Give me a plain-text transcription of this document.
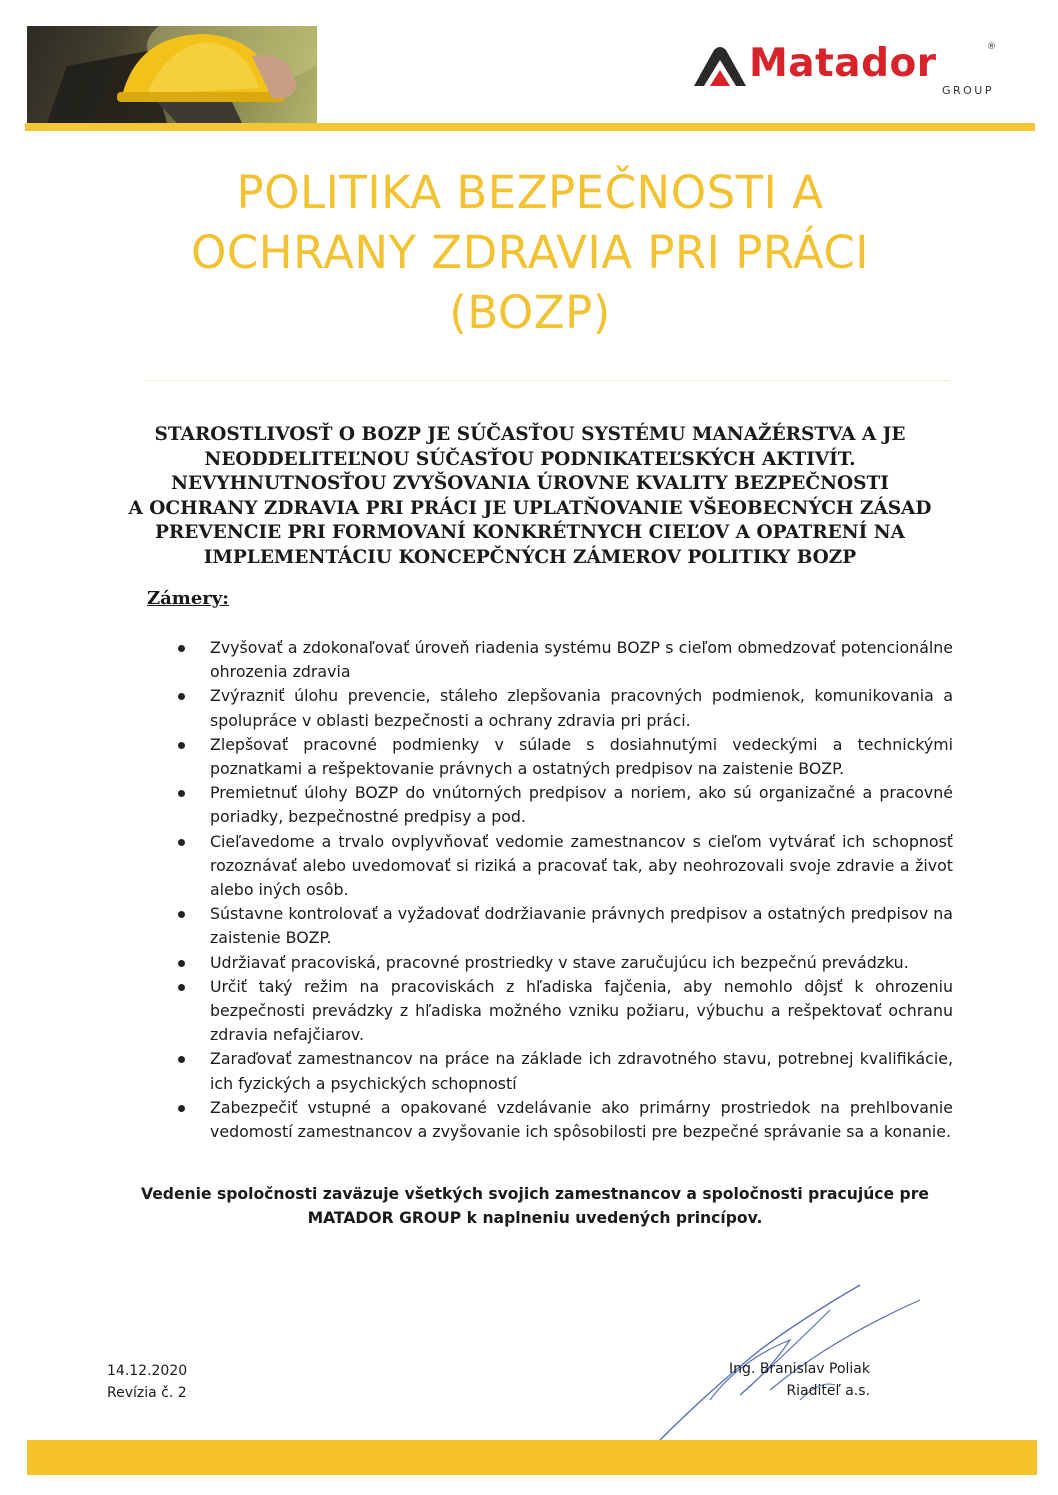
Matador	®
GROUP
POLITIKA BEZPEČNOSTI A
OCHRANY ZDRAVIA PRI PRÁCI
(BOZP)

STAROSTLIVOSŤ O BOZP JE SÚČASŤOU SYSTÉMU MANAŽÉRSTVA A JE
NEODDELITEĽNOU SÚČASŤOU PODNIKATEĽSKÝCH AKTIVÍT.
NEVYHNUTNOSŤOU ZVYŠOVANIA ÚROVNE KVALITY BEZPEČNOSTI
A OCHRANY ZDRAVIA PRI PRÁCI JE UPLATŇOVANIE VŠEOBECNÝCH ZÁSAD
PREVENCIE PRI FORMOVANÍ KONKRÉTNYCH CIEĽOV A OPATRENÍ NA
IMPLEMENTÁCIU KONCEPČNÝCH ZÁMEROV POLITIKY BOZP

Zámery:
Zvyšovať a zdokonaľovať úroveň riadenia systému BOZP s cieľom obmedzovať potencionálne ohrozenia zdravia
Zvýrazniť úlohu prevencie, stáleho zlepšovania pracovných podmienok, komunikovania a spolupráce v oblasti bezpečnosti a ochrany zdravia pri práci.
Zlepšovať pracovné podmienky v súlade s dosiahnutými vedeckými a technickými poznatkami a rešpektovanie právnych a ostatných predpisov na zaistenie BOZP.
Premietnuť úlohy BOZP do vnútorných predpisov a noriem, ako sú organizačné a pracovné poriadky, bezpečnostné predpisy a pod.
Cieľavedome a trvalo ovplyvňovať vedomie zamestnancov s cieľom vytvárať ich schopnosť rozoznávať alebo uvedomovať si riziká a pracovať tak, aby neohrozovali svoje zdravie a život alebo iných osôb.
Sústavne kontrolovať a vyžadovať dodržiavanie právnych predpisov a ostatných predpisov na zaistenie BOZP.
Udržiavať pracoviská, pracovné prostriedky v stave zaručujúcu ich bezpečnú prevádzku.
Určiť taký režim na pracoviskách z hľadiska fajčenia, aby nemohlo dôjsť k ohrozeniu bezpečnosti prevádzky z hľadiska možného vzniku požiaru, výbuchu a rešpektovať ochranu zdravia nefajčiarov.
Zaraďovať zamestnancov na práce na základe ich zdravotného stavu, potrebnej kvalifikácie, ich fyzických a psychických schopností
Zabezpečiť vstupné a opakované vzdelávanie ako primárny prostriedok na prehlbovanie vedomostí zamestnancov a zvyšovanie ich spôsobilosti pre bezpečné správanie sa a konanie.

Vedenie spoločnosti zaväzuje všetkých svojich zamestnancov a spoločnosti pracujúce pre
MATADOR GROUP k naplneniu uvedených princípov.

14.12.2020
Revízia č. 2
Ing. Branislav Poliak
Riaditeľ a.s.
